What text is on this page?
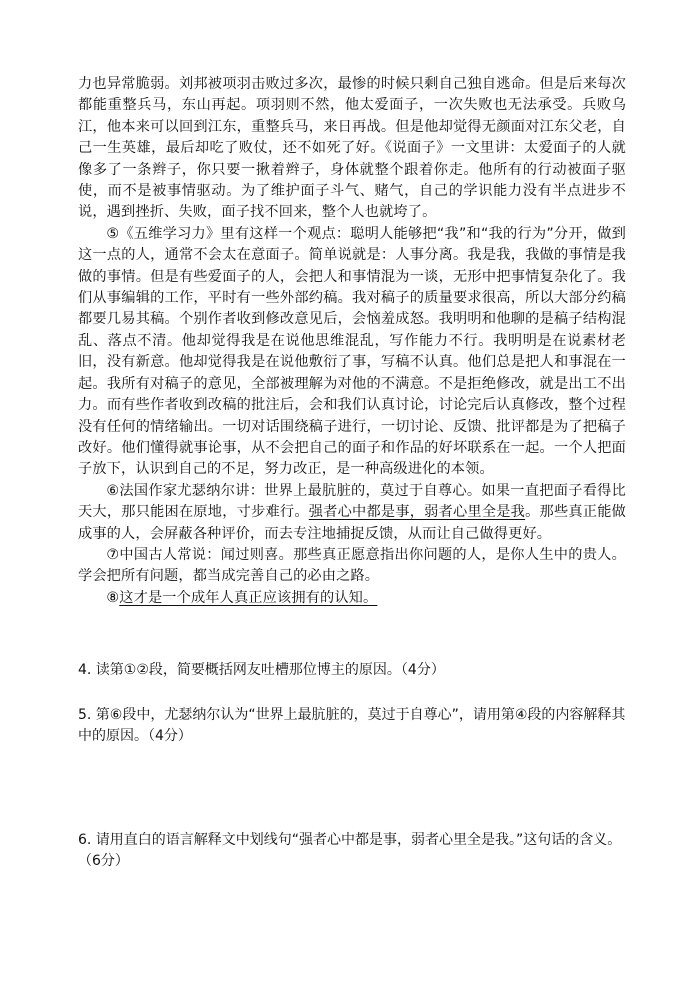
力也异常脆弱。刘邦被项羽击败过多次，最惨的时候只剩自己独自逃命。但是后来每次都能重整兵马，东山再起。项羽则不然，他太爱面子，一次失败也无法承受。兵败乌江，他本来可以回到江东，重整兵马，来日再战。但是他却觉得无颜面对江东父老，自己一生英雄，最后却吃了败仗，还不如死了好。《说面子》一文里讲：太爱面子的人就像多了一条辫子，你只要一揪着辫子，身体就整个跟着你走。他所有的行动被面子驱使，而不是被事情驱动。为了维护面子斗气、赌气，自己的学识能力没有半点进步不说，遇到挫折、失败，面子找不回来，整个人也就垮了。

⑤《五维学习力》里有这样一个观点：聪明人能够把“我”和“我的行为”分开，做到这一点的人，通常不会太在意面子。简单说就是：人事分离。我是我，我做的事情是我做的事情。但是有些爱面子的人，会把人和事情混为一谈，无形中把事情复杂化了。我们从事编辑的工作，平时有一些外部约稿。我对稿子的质量要求很高，所以大部分约稿都要几易其稿。个别作者收到修改意见后，会恼羞成怒。我明明和他聊的是稿子结构混乱、落点不清。他却觉得我是在说他思维混乱，写作能力不行。我明明是在说素材老旧，没有新意。他却觉得我是在说他敷衍了事，写稿不认真。他们总是把人和事混在一起。我所有对稿子的意见，全部被理解为对他的不满意。不是拒绝修改，就是出工不出力。而有些作者收到改稿的批注后，会和我们认真讨论，讨论完后认真修改，整个过程没有任何的情绪输出。一切对话围绕稿子进行，一切讨论、反馈、批评都是为了把稿子改好。他们懂得就事论事，从不会把自己的面子和作品的好坏联系在一起。一个人把面子放下，认识到自己的不足，努力改正，是一种高级进化的本领。

⑥法国作家尤瑟纳尔讲：世界上最肮脏的，莫过于自尊心。如果一直把面子看得比天大，那只能困在原地，寸步难行。强者心中都是事，弱者心里全是我。那些真正能做成事的人，会屏蔽各种评价，而去专注地捕捉反馈，从而让自己做得更好。

⑦中国古人常说：闻过则喜。那些真正愿意指出你问题的人，是你人生中的贵人。学会把所有问题，都当成完善自己的必由之路。

⑧这才是一个成年人真正应该拥有的认知。

4. 读第①②段，简要概括网友吐槽那位博主的原因。（4分）

5. 第⑥段中，尤瑟纳尔认为“世界上最肮脏的，莫过于自尊心”，请用第④段的内容解释其中的原因。（4分）

6. 请用直白的语言解释文中划线句“强者心中都是事，弱者心里全是我。”这句话的含义。（6分）
